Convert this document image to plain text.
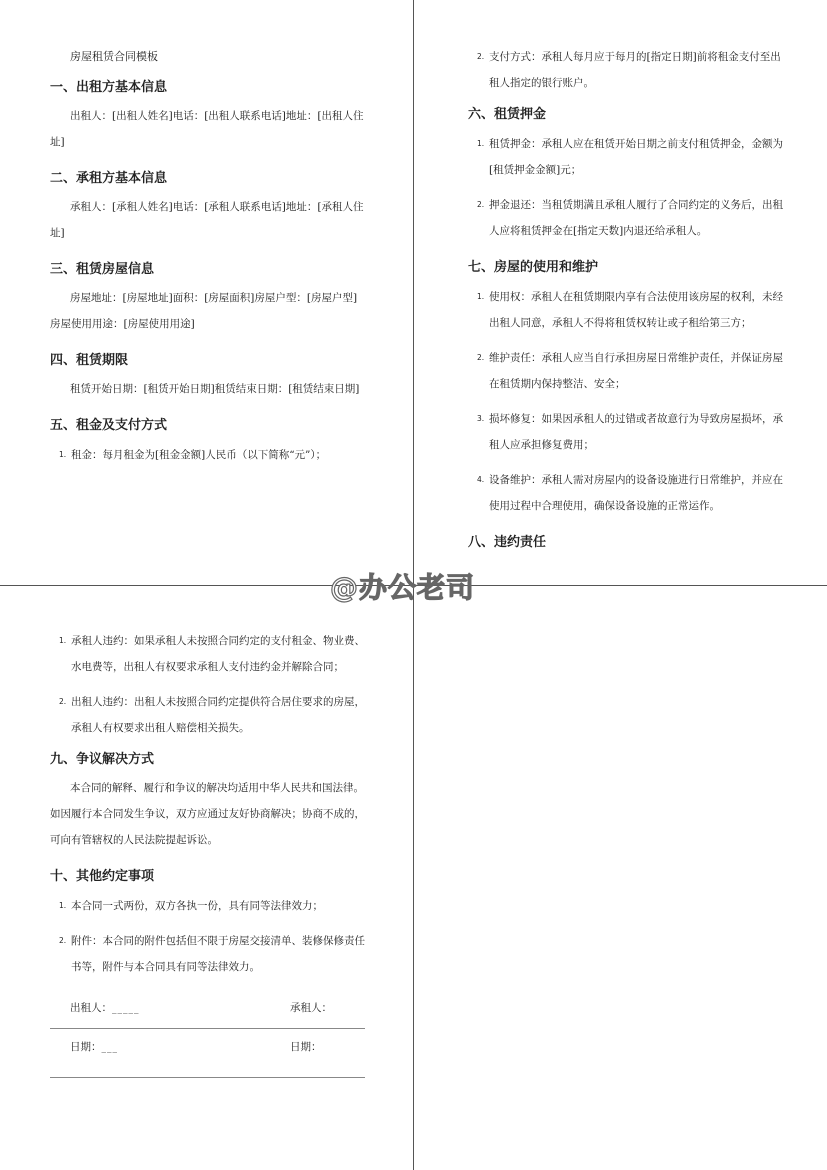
房屋租赁合同模板
一、出租方基本信息

出租人：[出租人姓名]电话：[出租人联系电话]地址：[出租人住址]

二、承租方基本信息

承租人：[承租人姓名]电话：[承租人联系电话]地址：[承租人住址]

三、租赁房屋信息

房屋地址：[房屋地址]面积：[房屋面积]房屋户型：[房屋户型]房屋使用用途：[房屋使用用途]

四、租赁期限

租赁开始日期：[租赁开始日期]租赁结束日期：[租赁结束日期]

五、租金及支付方式
1. 租金：每月租金为[租金金额]人民币（以下简称“元”）；
2. 支付方式：承租人每月应于每月的[指定日期]前将租金支付至出租人指定的银行账户。
六、租赁押金
1. 租赁押金：承租人应在租赁开始日期之前支付租赁押金，金额为[租赁押金金额]元；
2. 押金退还：当租赁期满且承租人履行了合同约定的义务后，出租人应将租赁押金在[指定天数]内退还给承租人。
七、房屋的使用和维护
1. 使用权：承租人在租赁期限内享有合法使用该房屋的权利，未经出租人同意，承租人不得将租赁权转让或子租给第三方；
2. 维护责任：承租人应当自行承担房屋日常维护责任，并保证房屋在租赁期内保持整洁、安全；
3. 损坏修复：如果因承租人的过错或者故意行为导致房屋损坏，承租人应承担修复费用；
4. 设备维护：承租人需对房屋内的设备设施进行日常维护，并应在使用过程中合理使用，确保设备设施的正常运作。
八、违约责任
1. 承租人违约：如果承租人未按照合同约定的支付租金、物业费、水电费等，出租人有权要求承租人支付违约金并解除合同；
2. 出租人违约：出租人未按照合同约定提供符合居住要求的房屋，承租人有权要求出租人赔偿相关损失。
九、争议解决方式

本合同的解释、履行和争议的解决均适用中华人民共和国法律。如因履行本合同发生争议，双方应通过友好协商解决；协商不成的，可向有管辖权的人民法院提起诉讼。

十、其他约定事项
1. 本合同一式两份，双方各执一份，具有同等法律效力；
2. 附件：本合同的附件包括但不限于房屋交接清单、装修保修责任书等，附件与本合同具有同等法律效力。
出租人：_____	承租人：
日期：___	日期：
@办公老司
